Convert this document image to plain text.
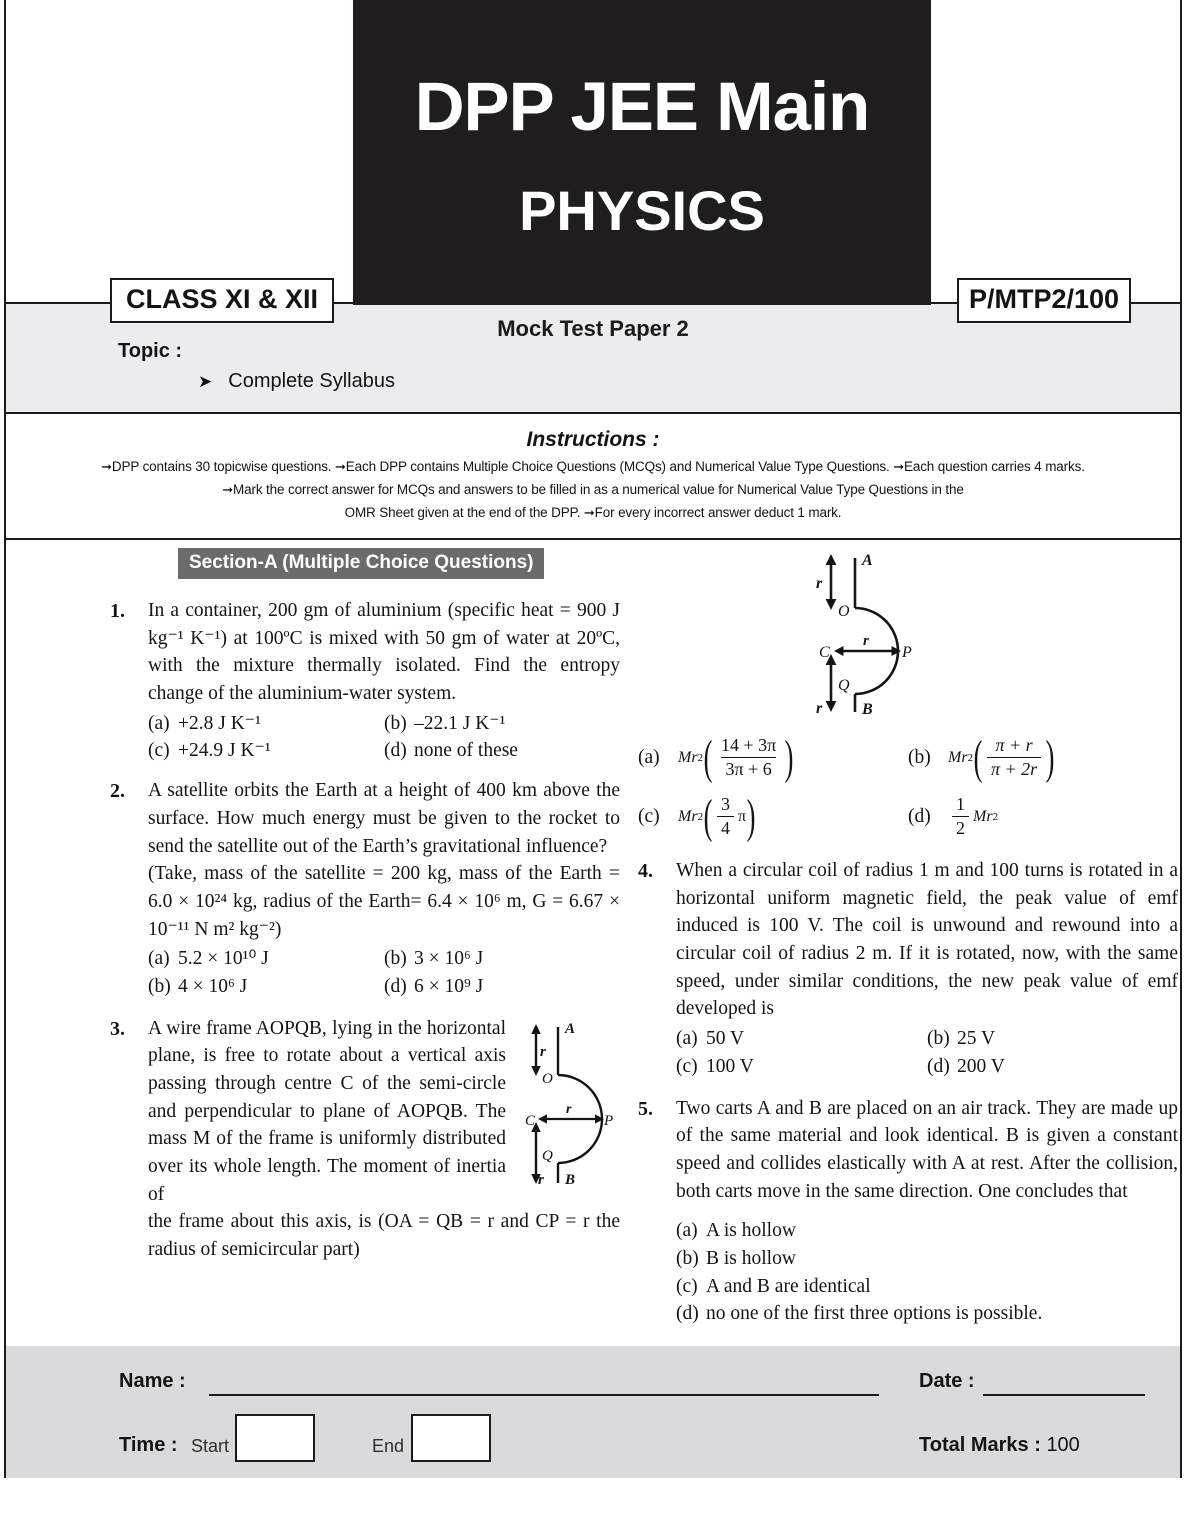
DPP JEE Main
PHYSICS
CLASS XI & XII	P/MTP2/100
Mock Test Paper 2
Topic :
➤ Complete Syllabus
Instructions :
➞DPP contains 30 topicwise questions. ➞Each DPP contains Multiple Choice Questions (MCQs) and Numerical Value Type Questions. ➞Each question carries 4 marks.
➞Mark the correct answer for MCQs and answers to be filled in as a numerical value for Numerical Value Type Questions in the
OMR Sheet given at the end of the DPP. ➞For every incorrect answer deduct 1 mark.
Section-A (Multiple Choice Questions)
1.	In a container, 200 gm of aluminium (specific heat = 900 J kg⁻¹ K⁻¹) at 100ºC is mixed with 50 gm of water at 20ºC, with the mixture thermally isolated. Find the entropy change of the aluminium-water system.
(a) +2.8 J K⁻¹	(b) –22.1 J K⁻¹
(c) +24.9 J K⁻¹	(d) none of these
2.	A satellite orbits the Earth at a height of 400 km above the surface. How much energy must be given to the rocket to send the satellite out of the Earth’s gravitational influence?
(Take, mass of the satellite = 200 kg, mass of the Earth = 6.0 × 10²⁴ kg, radius of the Earth= 6.4 × 10⁶ m, G = 6.67 × 10⁻¹¹ N m² kg⁻²)
(a) 5.2 × 10¹⁰ J	(b) 3 × 10⁶ J
(b) 4 × 10⁶ J	(d) 6 × 10⁹ J
3.	A
r
O
C	P
r
Q
r B
A wire frame AOPQB, lying in the horizontal plane, is free to rotate about a vertical axis passing through centre C of the semi-circle and perpendicular to plane of AOPQB. The mass M of the frame is uniformly distributed over its whole length. The moment of inertia of
the frame about this axis, is (OA = QB = r and CP = r the radius of semicircular part)
A
r
O
C	P
r
Q
r B
(a)	Mr 2 ( $\frac{14 + 3\pi}{3\pi + 6}$ )	(b)	Mr 2 ( $\frac{\pi + r}{\pi + 2r}$ )
(c)	Mr 2 ( $\frac{3}{4}$ π )	(d)	$\frac{1}{2}$ Mr 2
4.	When a circular coil of radius 1 m and 100 turns is rotated in a horizontal uniform magnetic field, the peak value of emf induced is 100 V. The coil is unwound and rewound into a circular coil of radius 2 m. If it is rotated, now, with the same speed, under similar conditions, the new peak value of emf developed is
(a) 50 V	(b) 25 V
(c) 100 V	(d) 200 V
5.	Two carts A and B are placed on an air track. They are made up of the same material and look identical. B is given a constant speed and collides elastically with A at rest. After the collision, both carts move in the same direction. One concludes that
(a) A is hollow
(b) B is hollow
(c) A and B are identical
(d) no one of the first three options is possible.
Name :	Date :
Time : Start	End	Total Marks : 100
